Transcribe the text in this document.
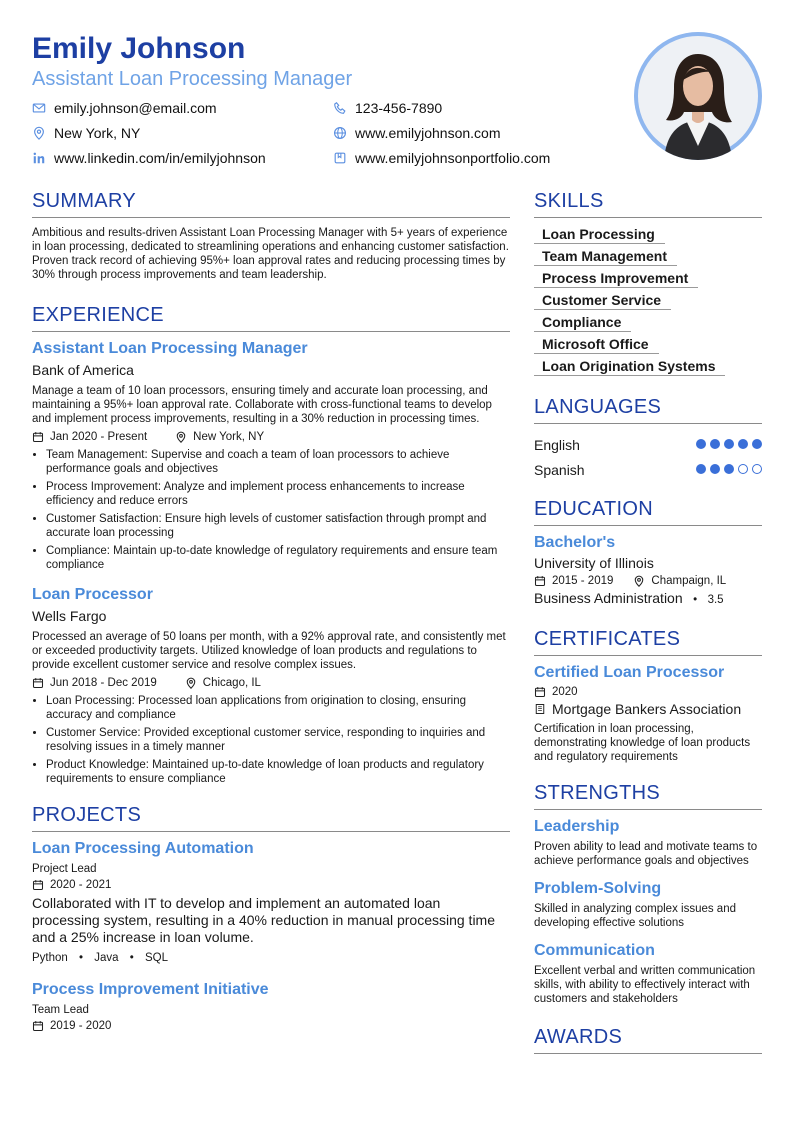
Emily Johnson
Assistant Loan Processing Manager
emily.johnson@email.com	123-456-7890
New York, NY	www.emilyjohnson.com
www.linkedin.com/in/emilyjohnson	www.emilyjohnsonportfolio.com
SUMMARY
Ambitious and results-driven Assistant Loan Processing Manager with 5+ years of experience in loan processing, dedicated to streamlining operations and enhancing customer satisfaction. Proven track record of achieving 95%+ loan approval rates and reducing processing times by 30% through process improvements and team leadership.
EXPERIENCE
Assistant Loan Processing Manager
Bank of America
Manage a team of 10 loan processors, ensuring timely and accurate loan processing, and maintaining a 95%+ loan approval rate. Collaborate with cross-functional teams to develop and implement process improvements, resulting in a 30% reduction in processing times.
Jan 2020 - Present	New York, NY
• Team Management: Supervise and coach a team of loan processors to achieve performance goals and objectives
• Process Improvement: Analyze and implement process enhancements to increase efficiency and reduce errors
• Customer Satisfaction: Ensure high levels of customer satisfaction through prompt and accurate loan processing
• Compliance: Maintain up-to-date knowledge of regulatory requirements and ensure team compliance
Loan Processor
Wells Fargo
Processed an average of 50 loans per month, with a 92% approval rate, and consistently met or exceeded productivity targets. Utilized knowledge of loan products and regulations to provide excellent customer service and resolve complex issues.
Jun 2018 - Dec 2019	Chicago, IL
• Loan Processing: Processed loan applications from origination to closing, ensuring accuracy and compliance
• Customer Service: Provided exceptional customer service, responding to inquiries and resolving issues in a timely manner
• Product Knowledge: Maintained up-to-date knowledge of loan products and regulatory requirements to ensure compliance
PROJECTS
Loan Processing Automation
Project Lead
2020 - 2021
Collaborated with IT to develop and implement an automated loan processing system, resulting in a 40% reduction in manual processing time and a 25% increase in loan volume.
Python • Java • SQL
Process Improvement Initiative
Team Lead
2019 - 2020
SKILLS
Loan Processing
Team Management
Process Improvement
Customer Service
Compliance
Microsoft Office
Loan Origination Systems
LANGUAGES
English
Spanish
EDUCATION
Bachelor's
University of Illinois
2015 - 2019	Champaign, IL
Business Administration • 3.5
CERTIFICATES
Certified Loan Processor
2020
Mortgage Bankers Association
Certification in loan processing, demonstrating knowledge of loan products and regulatory requirements
STRENGTHS
Leadership
Proven ability to lead and motivate teams to achieve performance goals and objectives
Problem-Solving
Skilled in analyzing complex issues and developing effective solutions
Communication
Excellent verbal and written communication skills, with ability to effectively interact with customers and stakeholders
AWARDS
